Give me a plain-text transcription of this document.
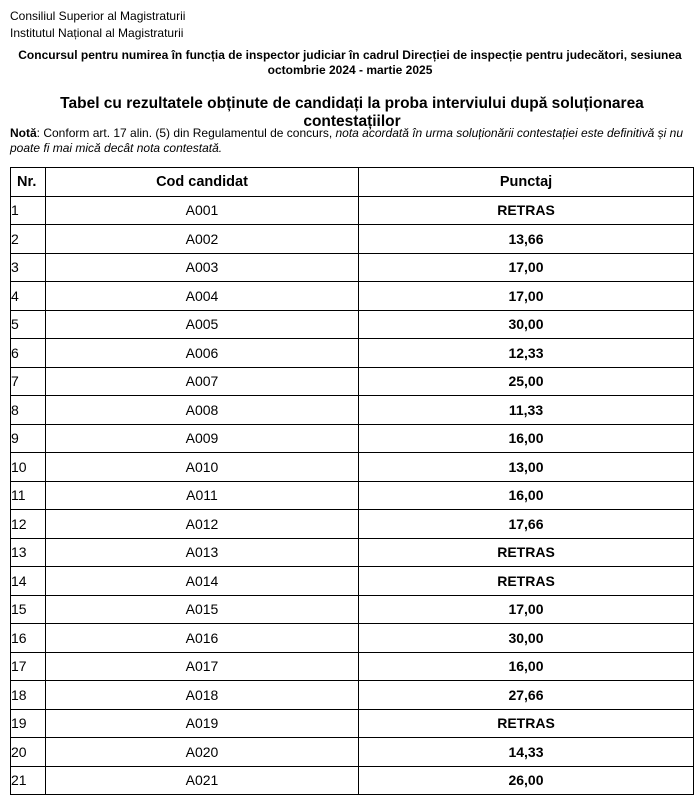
Consiliul Superior al Magistraturii
Institutul Național al Magistraturii
Concursul pentru numirea în funcția de inspector judiciar în cadrul Direcției de inspecție pentru judecători, sesiunea octombrie 2024 - martie 2025
Tabel cu rezultatele obținute de candidați la proba interviului după soluționarea contestațiilor
Notă: Conform art. 17 alin. (5) din Regulamentul de concurs, nota acordată în urma soluționării contestației este definitivă și nu poate fi mai mică decât nota contestată.
Nr.	Cod candidat	Punctaj
1	A001	RETRAS
2	A002	13,66
3	A003	17,00
4	A004	17,00
5	A005	30,00
6	A006	12,33
7	A007	25,00
8	A008	11,33
9	A009	16,00
10	A010	13,00
11	A011	16,00
12	A012	17,66
13	A013	RETRAS
14	A014	RETRAS
15	A015	17,00
16	A016	30,00
17	A017	16,00
18	A018	27,66
19	A019	RETRAS
20	A020	14,33
21	A021	26,00
